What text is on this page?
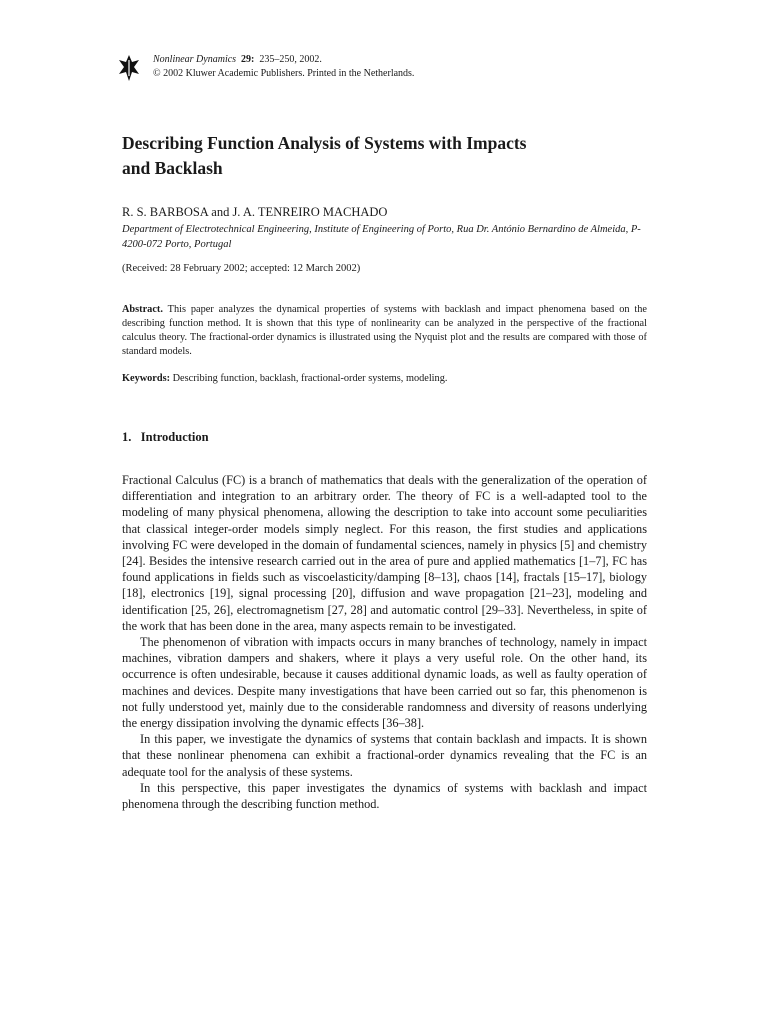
Nonlinear Dynamics 29: 235–250, 2002.
© 2002 Kluwer Academic Publishers. Printed in the Netherlands.
Describing Function Analysis of Systems with Impacts
and Backlash
R. S. BARBOSA and J. A. TENREIRO MACHADO
Department of Electrotechnical Engineering, Institute of Engineering of Porto, Rua Dr. António Bernardino de Almeida, P-4200-072 Porto, Portugal
(Received: 28 February 2002; accepted: 12 March 2002)
Abstract. This paper analyzes the dynamical properties of systems with backlash and impact phenomena based on the describing function method. It is shown that this type of nonlinearity can be analyzed in the perspective of the fractional calculus theory. The fractional-order dynamics is illustrated using the Nyquist plot and the results are compared with those of standard models.
Keywords: Describing function, backlash, fractional-order systems, modeling.
1. Introduction

Fractional Calculus (FC) is a branch of mathematics that deals with the generalization of the operation of differentiation and integration to an arbitrary order. The theory of FC is a well-adapted tool to the modeling of many physical phenomena, allowing the description to take into account some peculiarities that classical integer-order models simply neglect. For this reason, the first studies and applications involving FC were developed in the domain of fundamental sciences, namely in physics [5] and chemistry [24]. Besides the intensive research carried out in the area of pure and applied mathematics [1–7], FC has found applications in fields such as viscoelasticity/damping [8–13], chaos [14], fractals [15–17], biology [18], electronics [19], signal processing [20], diffusion and wave propagation [21–23], modeling and identification [25, 26], electromagnetism [27, 28] and automatic control [29–33]. Nevertheless, in spite of the work that has been done in the area, many aspects remain to be investigated.

The phenomenon of vibration with impacts occurs in many branches of technology, namely in impact machines, vibration dampers and shakers, where it plays a very useful role. On the other hand, its occurrence is often undesirable, because it causes additional dynamic loads, as well as faulty operation of machines and devices. Despite many investigations that have been carried out so far, this phenomenon is not fully understood yet, mainly due to the considerable randomness and diversity of reasons underlying the energy dissipation involving the dynamic effects [36–38].

In this paper, we investigate the dynamics of systems that contain backlash and impacts. It is shown that these nonlinear phenomena can exhibit a fractional-order dynamics revealing that the FC is an adequate tool for the analysis of these systems.

In this perspective, this paper investigates the dynamics of systems with backlash and impact phenomena through the describing function method.
